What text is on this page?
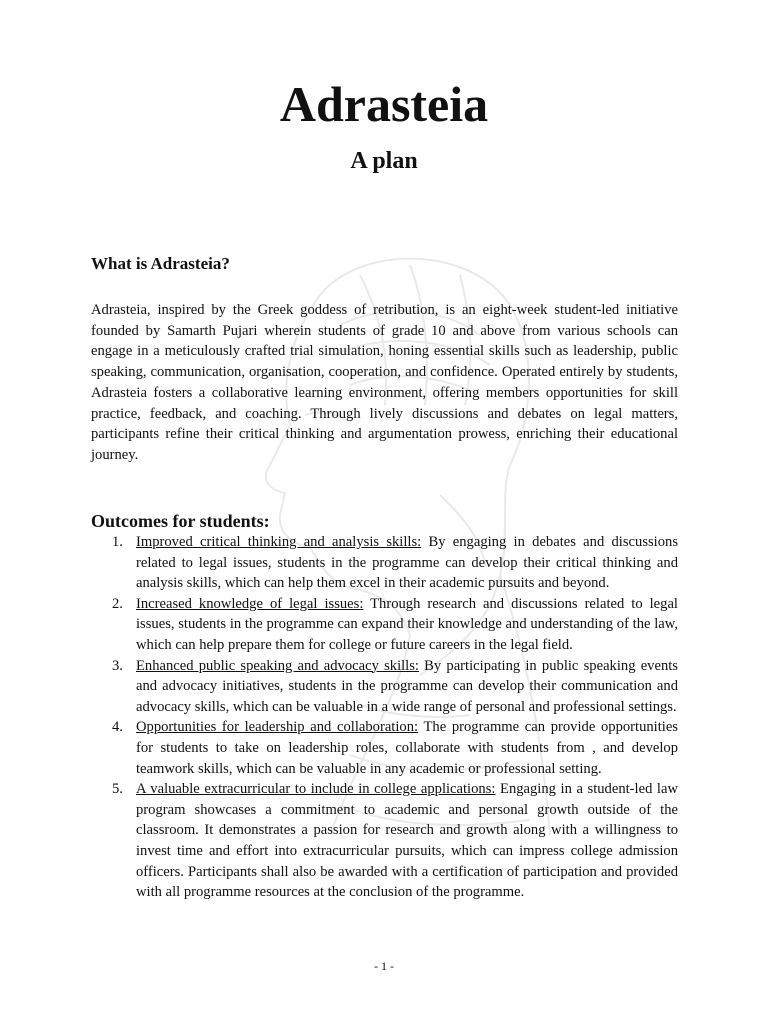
Adrasteia
A plan
What is Adrasteia?

Adrasteia, inspired by the Greek goddess of retribution, is an eight-week student-led initiative founded by Samarth Pujari wherein students of grade 10 and above from various schools can engage in a meticulously crafted trial simulation, honing essential skills such as leadership, public speaking, communication, organisation, cooperation, and confidence. Operated entirely by students, Adrasteia fosters a collaborative learning environment, offering members opportunities for skill practice, feedback, and coaching. Through lively discussions and debates on legal matters, participants refine their critical thinking and argumentation prowess, enriching their educational journey.

Outcomes for students:
1. Improved critical thinking and analysis skills: By engaging in debates and discussions related to legal issues, students in the programme can develop their critical thinking and analysis skills, which can help them excel in their academic pursuits and beyond.
2. Increased knowledge of legal issues: Through research and discussions related to legal issues, students in the programme can expand their knowledge and understanding of the law, which can help prepare them for college or future careers in the legal field.
3. Enhanced public speaking and advocacy skills: By participating in public speaking events and advocacy initiatives, students in the programme can develop their communication and advocacy skills, which can be valuable in a wide range of personal and professional settings.
4. Opportunities for leadership and collaboration: The programme can provide opportunities for students to take on leadership roles, collaborate with students from , and develop teamwork skills, which can be valuable in any academic or professional setting.
5. A valuable extracurricular to include in college applications: Engaging in a student-led law program showcases a commitment to academic and personal growth outside of the classroom. It demonstrates a passion for research and growth along with a willingness to invest time and effort into extracurricular pursuits, which can impress college admission officers. Participants shall also be awarded with a certification of participation and provided with all programme resources at the conclusion of the programme.

- 1 -
